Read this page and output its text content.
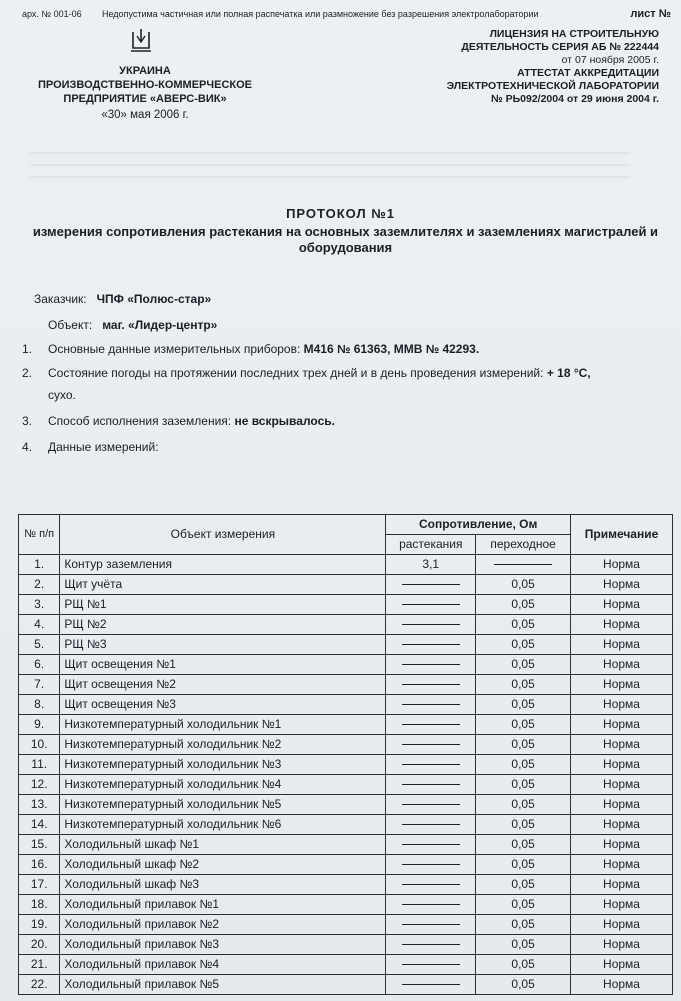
арх. № 001-06	Недопустима частичная или полная распечатка или размножение без разрешения электролаборатории	лист №
УКРАИНА
ПРОИЗВОДСТВЕННО-КОММЕРЧЕСКОЕ
ПРЕДПРИЯТИЕ «АВЕРС-ВИК»
«30» мая 2006 г.
ЛИЦЕНЗИЯ НА СТРОИТЕЛЬНУЮ
ДЕЯТЕЛЬНОСТЬ СЕРИЯ АБ № 222444
от 07 ноября 2005 г.
АТТЕСТАТ АККРЕДИТАЦИИ
ЭЛЕКТРОТЕХНИЧЕСКОЙ ЛАБОРАТОРИИ
№ РЬ092/2004 от 29 июня 2004 г.
ПРОТОКОЛ №1
измерения сопротивления растекания на основных заземлителях и заземлениях магистралей и оборудования
Заказчик: ЧПФ «Полюс-стар»
Объект: маг. «Лидер-центр»
1. Основные данные измерительных приборов: М416 № 61363, ММВ № 42293.
2. Состояние погоды на протяжении последних трех дней и в день проведения измерений: + 18 °С,
сухо.
3. Способ исполнения заземления: не вскрывалось.
4. Данные измерений:
№ п/п	Объект измерения	Сопротивление, Ом		Примечание
		растекания	переходное	
1.	Контур заземления	3,1		Норма
2.	Щит учёта		0,05	Норма
3.	РЩ №1		0,05	Норма
4.	РЩ №2		0,05	Норма
5.	РЩ №3		0,05	Норма
6.	Щит освещения №1		0,05	Норма
7.	Щит освещения №2		0,05	Норма
8.	Щит освещения №3		0,05	Норма
9.	Низкотемпературный холодильник №1		0,05	Норма
10.	Низкотемпературный холодильник №2		0,05	Норма
11.	Низкотемпературный холодильник №3		0,05	Норма
12.	Низкотемпературный холодильник №4		0,05	Норма
13.	Низкотемпературный холодильник №5		0,05	Норма
14.	Низкотемпературный холодильник №6		0,05	Норма
15.	Холодильный шкаф №1		0,05	Норма
16.	Холодильный шкаф №2		0,05	Норма
17.	Холодильный шкаф №3		0,05	Норма
18.	Холодильный прилавок №1		0,05	Норма
19.	Холодильный прилавок №2		0,05	Норма
20.	Холодильный прилавок №3		0,05	Норма
21.	Холодильный прилавок №4		0,05	Норма
22.	Холодильный прилавок №5		0,05	Норма
